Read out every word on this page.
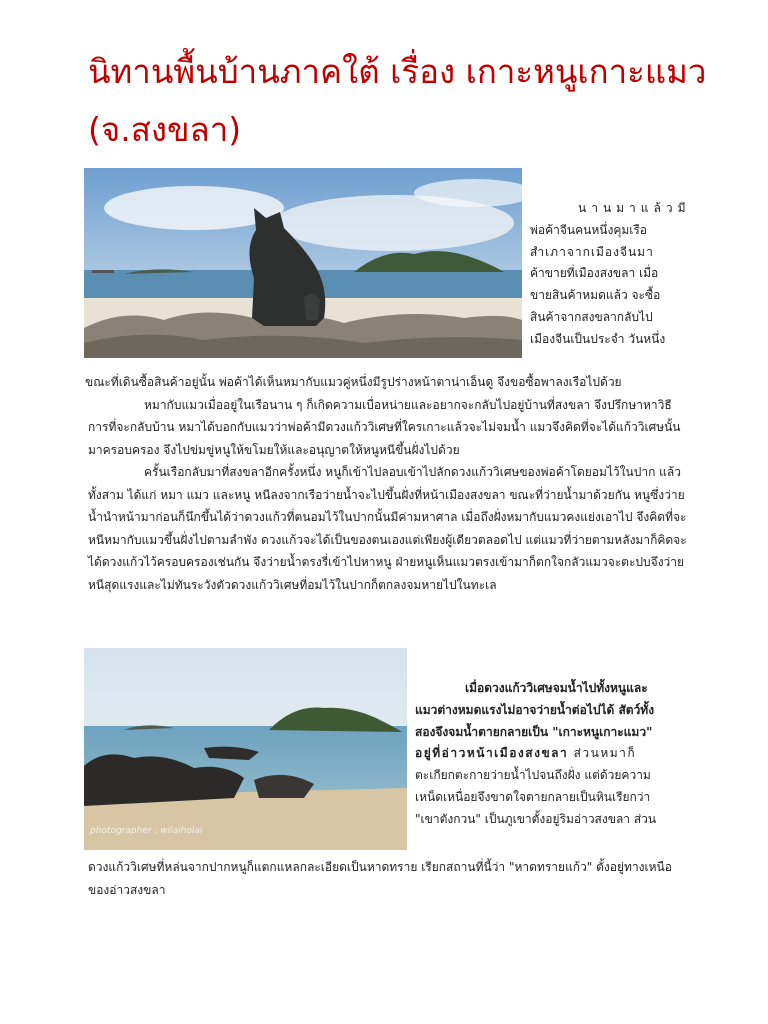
นิทานพื้นบ้านภาคใต้ เรื่อง เกาะหนูเกาะแมว
(จ.สงขลา)
นานมาแล้วมี
พ่อค้าจีนคนหนึ่งคุมเรือ
สำเภาจากเมืองจีนมา
ค้าขายที่เมืองสงขลา เมื่อ
ขายสินค้าหมดแล้ว จะซื้อ
สินค้าจากสงขลากลับไป
เมืองจีนเป็นประจำ วันหนึ่ง

ขณะที่เดินซื้อสินค้าอยู่นั้น พ่อค้าได้เห็นหมากับแมวคู่หนึ่งมีรูปร่างหน้าตาน่าเอ็นดู จึงขอซื้อพาลงเรือไปด้วย

หมากับแมวเมื่ออยู่ในเรือนาน ๆ ก็เกิดความเบื่อหน่ายและอยากจะกลับไปอยู่บ้านที่สงขลา จึงปรึกษาหาวิธีการที่จะกลับบ้าน หมาได้บอกกับแมวว่าพ่อค้ามีดวงแก้ววิเศษที่ใครเกาะแล้วจะไม่จมน้ำ แมวจึงคิดที่จะได้แก้ววิเศษนั้นมาครอบครอง จึงไปข่มขู่หนูให้ขโมยให้และอนุญาตให้หนูหนีขึ้นฝั่งไปด้วย

ครั้นเรือกลับมาที่สงขลาอีกครั้งหนึ่ง หนูก็เข้าไปลอบเข้าไปลักดวงแก้ววิเศษของพ่อค้าโดยอมไว้ในปาก แล้วทั้งสาม ได้แก่ หมา แมว และหนู หนีลงจากเรือว่ายน้ำจะไปขึ้นฝั่งที่หน้าเมืองสงขลา ขณะที่ว่ายน้ำมาด้วยกัน หนูซึ่งว่ายน้ำนำหน้ามาก่อนก็นึกขึ้นได้ว่าดวงแก้วที่ตนอมไว้ในปากนั้นมีค่ามหาศาล เมื่อถึงฝั่งหมากับแมวคงแย่งเอาไป จึงคิดที่จะหนีหมากับแมวขึ้นฝั่งไปตามลำพัง ดวงแก้วจะได้เป็นของตนเองแต่เพียงผู้เดียวตลอดไป แต่แมวที่ว่ายตามหลังมาก็คิดจะได้ดวงแก้วไว้ครอบครองเช่นกัน จึงว่ายน้ำตรงรี่เข้าไปหาหนู ฝ่ายหนูเห็นแมวตรงเข้ามาก็ตกใจกลัวแมวจะตะปบจึงว่ายหนีสุดแรงและไม่ทันระวังตัวดวงแก้ววิเศษที่อมไว้ในปากก็ตกลงจมหายไปในทะเล

photographer : wilaiholai
เมื่อดวงแก้ววิเศษจมน้ำไปทั้งหนูและ
แมวต่างหมดแรงไม่อาจว่ายน้ำต่อไปได้ สัตว์ทั้ง
สองจึงจมน้ำตายกลายเป็น "เกาะหนูเกาะแมว"
อยู่ที่อ่าวหน้าเมืองสงขลา ส่วนหมาก็
ตะเกียกตะกายว่ายน้ำไปจนถึงฝั่ง แต่ด้วยความ
เหน็ดเหนื่อยจึงขาดใจตายกลายเป็นหินเรียกว่า
"เขาตังกวน" เป็นภูเขาตั้งอยู่ริมอ่าวสงขลา ส่วน

ดวงแก้ววิเศษที่หล่นจากปากหนูก็แตกแหลกละเอียดเป็นหาดทราย เรียกสถานที่นี้ว่า "หาดทรายแก้ว" ตั้งอยู่ทางเหนือของอ่าวสงขลา
